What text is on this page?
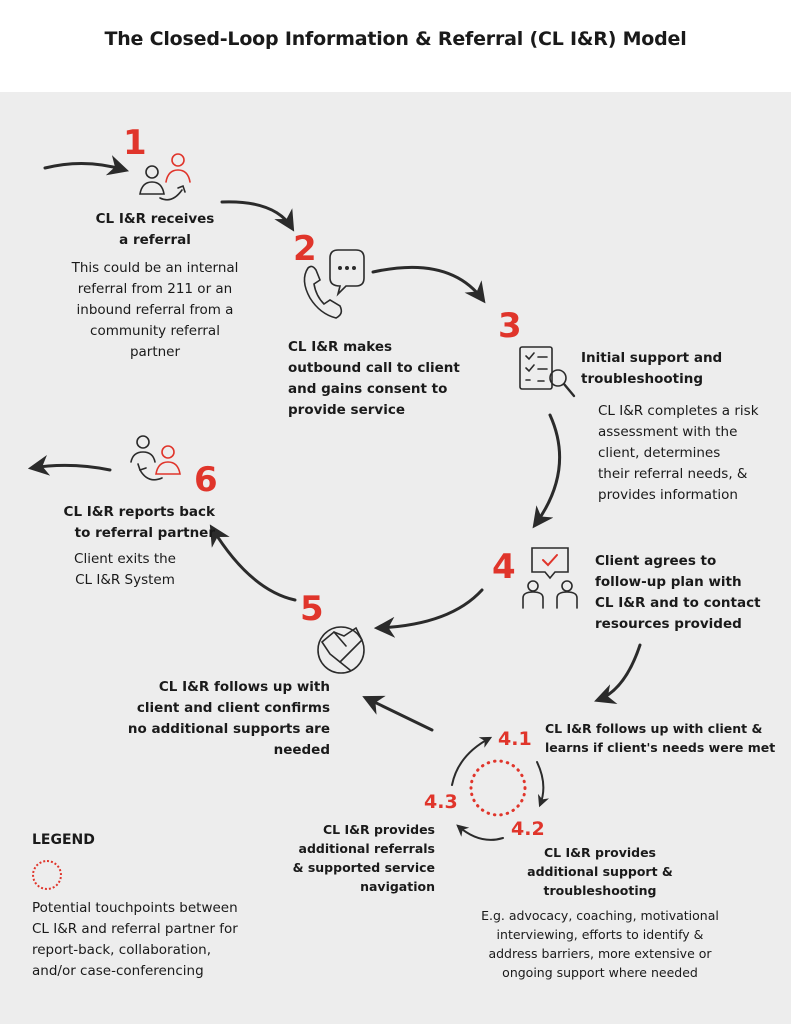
The Closed-Loop Information & Referral (CL I&R) Model
1
2
3
4
5
6
CL I&R receives
a referral
This could be an internal
referral from 211 or an
inbound referral from a
community referral
partner	CL I&R makes
outbound call to client
and gains consent to
provide service
Initial support and
troubleshooting
CL I&R completes a risk
assessment with the
client, determines
their referral needs, &
provides information
Client agrees to
follow-up plan with
CL I&R and to contact
resources provided
CL I&R follows up with
client and client confirms
no additional supports are
needed
CL I&R reports back
to referral partner
Client exits the
CL I&R System
4.1
4.2
4.3
CL I&R follows up with client &
learns if client's needs were met
CL I&R provides
additional support &
troubleshooting
E.g. advocacy, coaching, motivational
interviewing, efforts to identify &
address barriers, more extensive or
ongoing support where needed
CL I&R provides
additional referrals
& supported service
navigation
LEGEND
Potential touchpoints between
CL I&R and referral partner for
report-back, collaboration,
and/or case-conferencing
